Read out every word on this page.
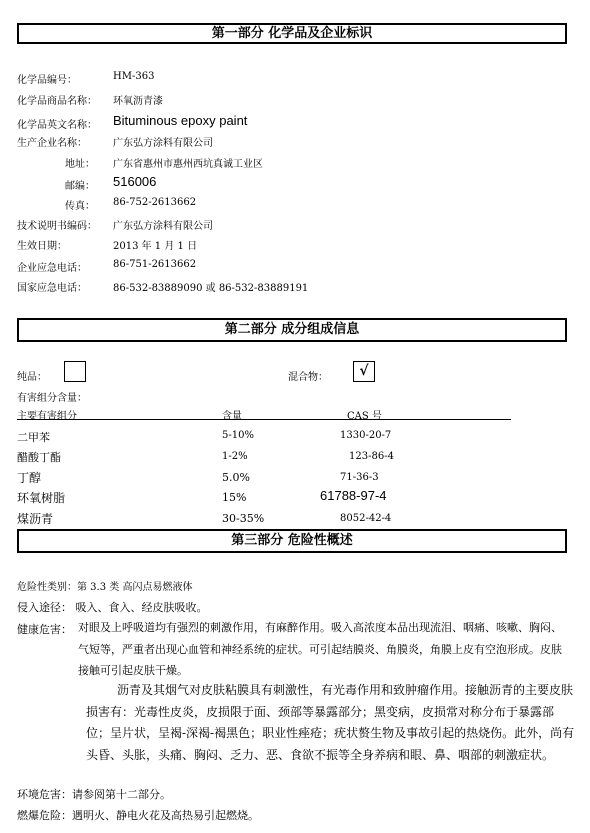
第一部分 化学品及企业标识
化学品编号：	HM-363
化学品商品名称： 环氧沥青漆
化学品英文名称： Bituminous epoxy paint
生产企业名称：	广东弘方涂料有限公司
地址： 广东省惠州市惠州西坑真诚工业区
邮编： 516006
传真： 86-752-2613662
技术说明书编码： 广东弘方涂料有限公司
生效日期：	2013 年 1 月 1 日
企业应急电话：	86-751-2613662
国家应急电话：	86-532-83889090 或 86-532-83889191
第二部分 成分组成信息
纯品：	混合物：	√
有害组分含量：
主要有害组分	含量	CAS 号
二甲苯	5-10%	1330-20-7
醋酸丁酯	1-2%	123-86-4
丁醇	5.0%	71-36-3
环氧树脂	15%	61788-97-4
煤沥青	30-35%	8052-42-4
第三部分 危险性概述
危险性类别：第 3.3 类 高闪点易燃液体
侵入途径： 吸入、食入、经皮肤吸收。
健康危害： 对眼及上呼吸道均有强烈的刺激作用，有麻醉作用。吸入高浓度本品出现流泪、咽痛、咳嗽、胸闷、气短等，严重者出现心血管和神经系统的症状。可引起结膜炎、角膜炎，角膜上皮有空泡形成。皮肤接触可引起皮肤干燥。
沥青及其烟气对皮肤粘膜具有刺激性，有光毒作用和致肿瘤作用。接触沥青的主要皮肤损害有：光毒性皮炎，皮损限于面、颈部等暴露部分；黑变病，皮损常对称分布于暴露部位；呈片状，呈褐-深褐-褐黑色；职业性痤疮；疣状赘生物及事故引起的热烧伤。此外，尚有头昏、头胀，头痛、胸闷、乏力、恶、食欲不振等全身养病和眼、鼻、咽部的刺激症状。
环境危害：请参阅第十二部分。
燃爆危险：遇明火、静电火花及高热易引起燃烧。
